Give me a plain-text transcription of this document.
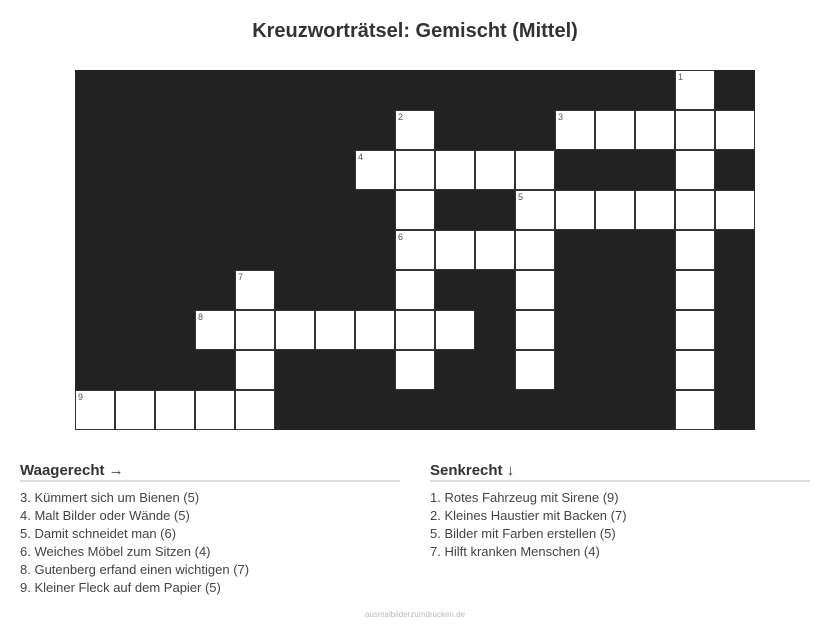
Kreuzworträtsel: Gemischt (Mittel)
1
2	3
4
5
6
7
8
9
Waagerecht →
3. Kümmert sich um Bienen (5)
4. Malt Bilder oder Wände (5)
5. Damit schneidet man (6)
6. Weiches Möbel zum Sitzen (4)
8. Gutenberg erfand einen wichtigen (7)
9. Kleiner Fleck auf dem Papier (5)
Senkrecht ↓
1. Rotes Fahrzeug mit Sirene (9)
2. Kleines Haustier mit Backen (7)
5. Bilder mit Farben erstellen (5)
7. Hilft kranken Menschen (4)
ausmalbilderzumdrucken.de
